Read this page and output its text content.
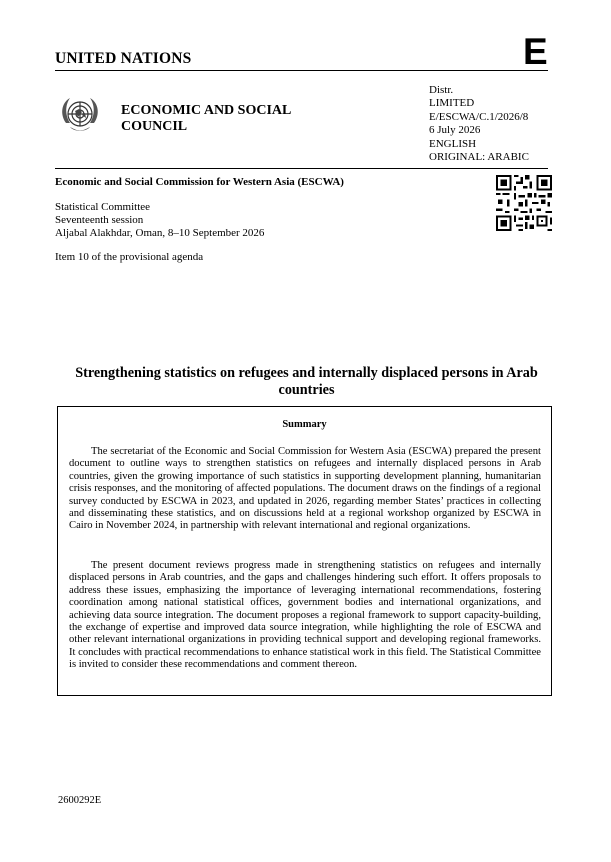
UNITED NATIONS	E
ECONOMIC AND SOCIAL COUNCIL
Distr.
LIMITED
E/ESCWA/C.1/2026/8
6 July 2026
ENGLISH
ORIGINAL: ARABIC
Economic and Social Commission for Western Asia (ESCWA)
Statistical Committee
Seventeenth session
Aljabal Alakhdar, Oman, 8–10 September 2026
Item 10 of the provisional agenda
Strengthening statistics on refugees and internally displaced persons in Arab countries
Summary
The secretariat of the Economic and Social Commission for Western Asia (ESCWA) prepared the present document to outline ways to strengthen statistics on refugees and internally displaced persons in Arab countries, given the growing importance of such statistics in supporting development planning, humanitarian crisis responses, and the monitoring of affected populations. The document draws on the findings of a regional survey conducted by ESCWA in 2023, and updated in 2026, regarding member States’ practices in collecting and disseminating these statistics, and on discussions held at a regional workshop organized by ESCWA in Cairo in November 2024, in partnership with relevant international and regional organizations.
The present document reviews progress made in strengthening statistics on refugees and internally displaced persons in Arab countries, and the gaps and challenges hindering such effort. It offers proposals to address these issues, emphasizing the importance of leveraging international recommendations, fostering coordination among national statistical offices, government bodies and international organizations, and achieving data source integration. The document proposes a regional framework to support capacity-building, the exchange of expertise and improved data source integration, while highlighting the role of ESCWA and other relevant international organizations in providing technical support and developing regional frameworks. It concludes with practical recommendations to enhance statistical work in this field. The Statistical Committee is invited to consider these recommendations and comment thereon.
2600292E
